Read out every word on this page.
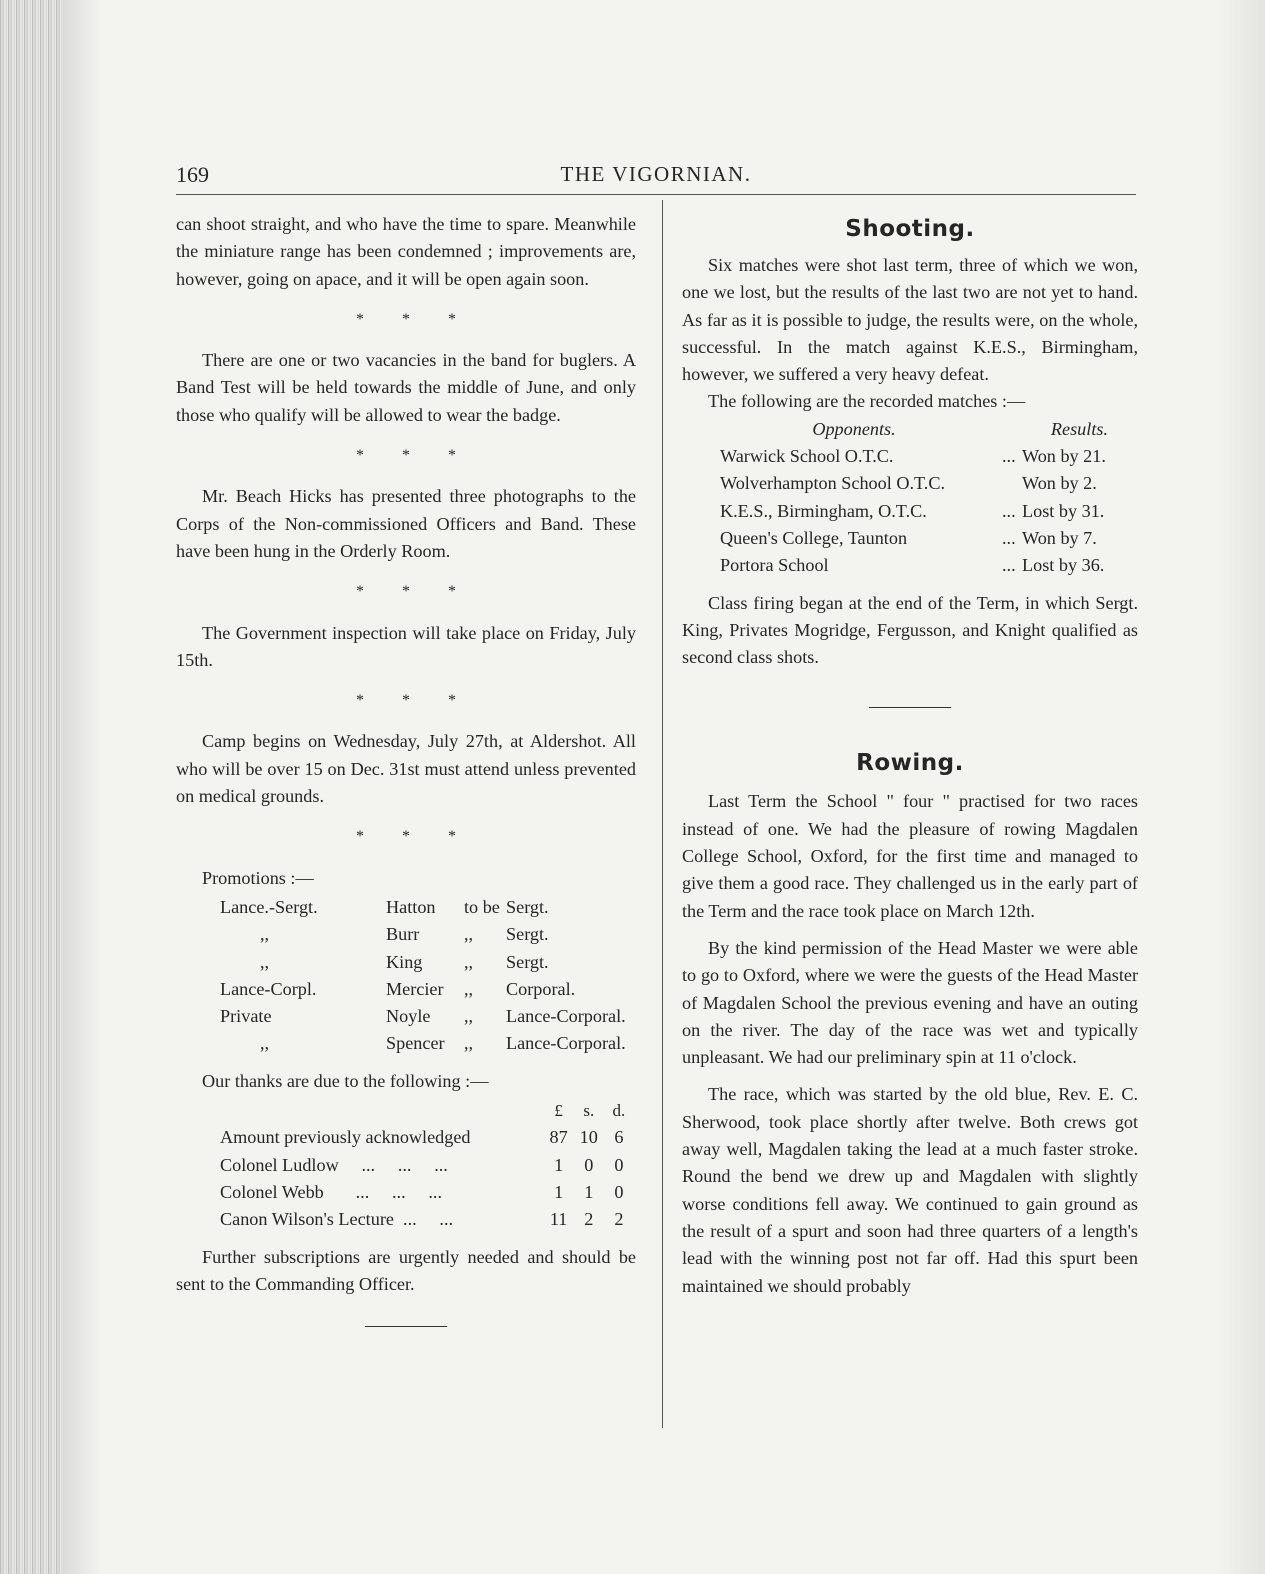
169	THE VIGORNIAN.

can shoot straight, and who have the time to spare. Meanwhile the miniature range has been condemned ; improvements are, however, going on apace, and it will be open again soon.

* * *

There are one or two vacancies in the band for buglers. A Band Test will be held towards the middle of June, and only those who qualify will be allowed to wear the badge.

* * *

Mr. Beach Hicks has presented three photographs to the Corps of the Non-commissioned Officers and Band. These have been hung in the Orderly Room.

* * *

The Government inspection will take place on Friday, July 15th.

* * *

Camp begins on Wednesday, July 27th, at Aldershot. All who will be over 15 on Dec. 31st must attend unless prevented on medical grounds.

* * *

Promotions :—

Lance.-Sergt.	Hatton	to be	Sergt.
,,	Burr	,,	Sergt.
,,	King	,,	Sergt.
Lance-Corpl.	Mercier	,,	Corporal.
Private	Noyle	,,	Lance-Corporal.
,,	Spencer	,,	Lance-Corporal.

Our thanks are due to the following :—

	£	s.	d.
Amount previously acknowledged	87	10	6
Colonel Ludlow     ...     ...     ...	1	0	0
Colonel Webb       ...     ...     ...	1	1	0
Canon Wilson's Lecture  ...     ...	11	2	2

Further subscriptions are urgently needed and should be sent to the Commanding Officer.

Shooting.

Six matches were shot last term, three of which we won, one we lost, but the results of the last two are not yet to hand. As far as it is possible to judge, the results were, on the whole, successful. In the match against K.E.S., Birmingham, however, we suffered a very heavy defeat.

The following are the recorded matches :—

Opponents.		Results.
Warwick School O.T.C.	...	Won by 21.
Wolverhampton School O.T.C.		Won by 2.
K.E.S., Birmingham, O.T.C.	...	Lost by 31.
Queen's College, Taunton	...	Won by 7.
Portora School	...	Lost by 36.

Class firing began at the end of the Term, in which Sergt. King, Privates Mogridge, Fergusson, and Knight qualified as second class shots.

Rowing.

Last Term the School " four " practised for two races instead of one. We had the pleasure of rowing Magdalen College School, Oxford, for the first time and managed to give them a good race. They challenged us in the early part of the Term and the race took place on March 12th.

By the kind permission of the Head Master we were able to go to Oxford, where we were the guests of the Head Master of Magdalen School the previous evening and have an outing on the river. The day of the race was wet and typically unpleasant. We had our preliminary spin at 11 o'clock.

The race, which was started by the old blue, Rev. E. C. Sherwood, took place shortly after twelve. Both crews got away well, Magdalen taking the lead at a much faster stroke. Round the bend we drew up and Magdalen with slightly worse conditions fell away. We continued to gain ground as the result of a spurt and soon had three quarters of a length's lead with the winning post not far off. Had this spurt been maintained we should probably
